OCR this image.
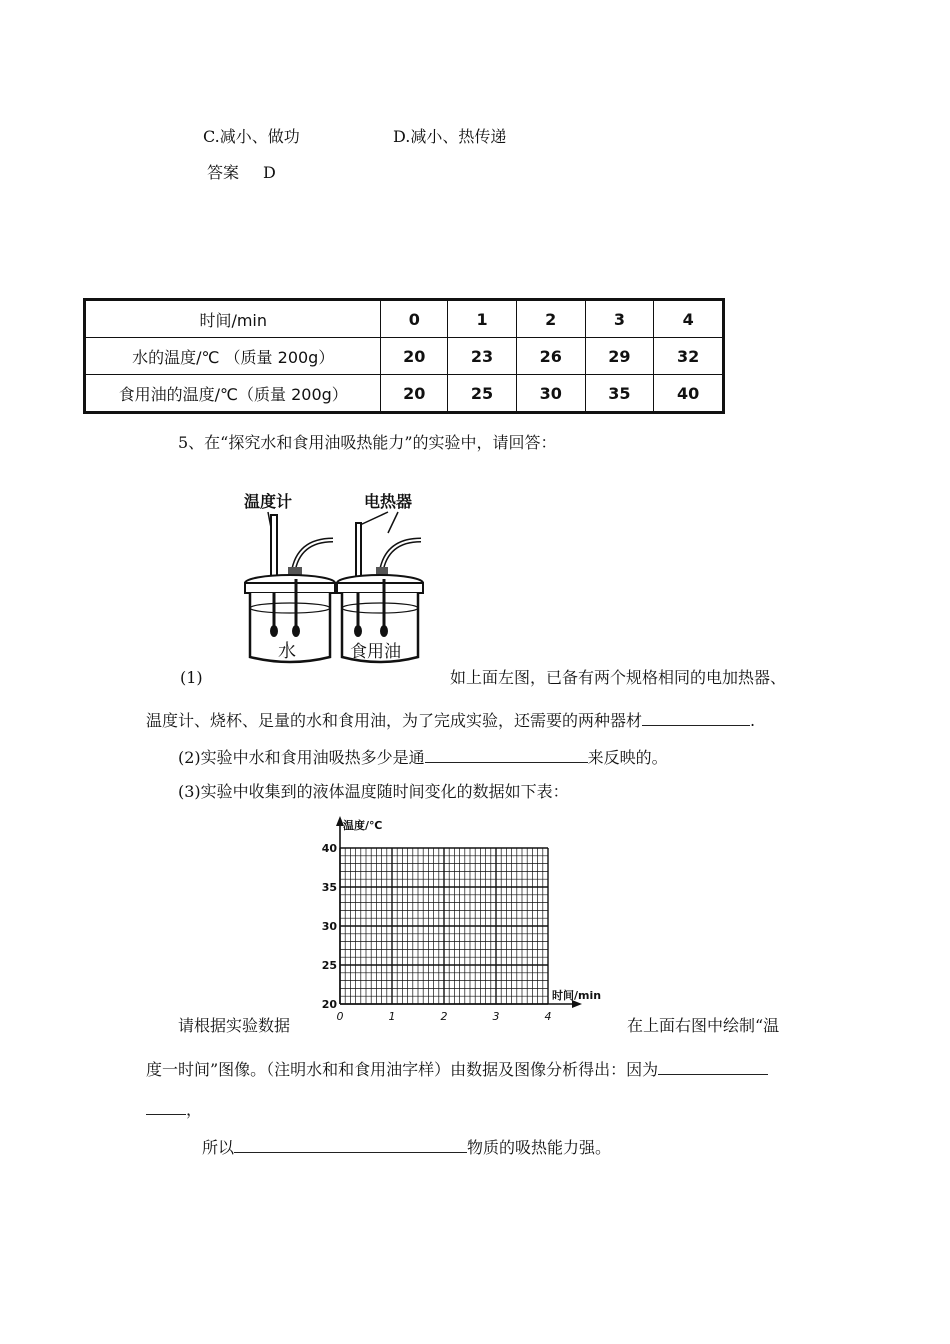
C.减小、做功	D.减小、热传递
答案 D
时间/min	0	1	2	3	4
水的温度/℃ （质量 200g）	20	23	26	29	32
食用油的温度/℃（质量 200g）	20	25	30	35	40
5、在“探究水和食用油吸热能力”的实验中，请回答：
温度计	电热器
水	食用油
(1)	如上面左图，已备有两个规格相同的电加热器、
温度计、烧杯、足量的水和食用油，为了完成实验，还需要的两种器材	.
(2)实验中水和食用油吸热多少是通	来反映的。
(3)实验中收集到的液体温度随时间变化的数据如下表：
温度/℃
时间/min
20
25
30
35
40
0	1	2	3	4
请根据实验数据	在上面右图中绘制“温
度一时间”图像。（注明水和和食用油字样）由数据及图像分析得出：因为
，
所以	物质的吸热能力强。
